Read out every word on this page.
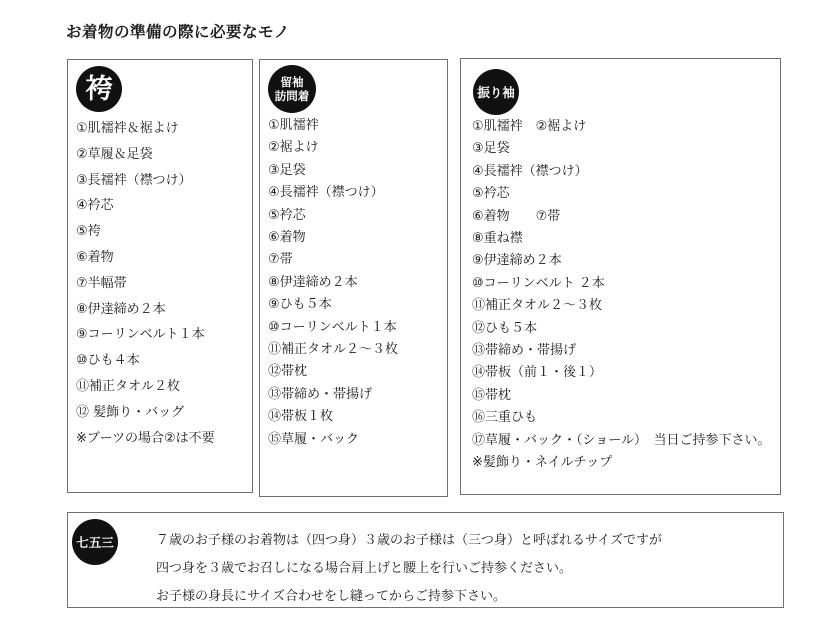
お着物の準備の際に必要なモノ
袴
①肌襦袢＆裾よけ
②草履＆足袋
③長襦袢（襟つけ）
④衿芯
⑤袴
⑥着物
⑦半幅帯
⑧伊達締め２本
⑨コーリンベルト１本
⑩ひも４本
⑪補正タオル２枚
⑫ 髪飾り・バッグ
※ブーツの場合②は不要
留袖
訪問着
①肌襦袢
②裾よけ
③足袋
④長襦袢（襟つけ）
⑤衿芯
⑥着物
⑦帯
⑧伊達締め２本
⑨ひも５本
⑩コーリンベルト１本
⑪補正タオル２～３枚
⑫帯枕
⑬帯締め・帯揚げ
⑭帯板１枚
⑮草履・バック
振り袖
①肌襦袢　②裾よけ
③足袋
④長襦袢（襟つけ）
⑤衿芯
⑥着物　　⑦帯
⑧重ね襟
⑨伊達締め２本
⑩コーリンベルト ２本
⑪補正タオル２～３枚
⑫ひも５本
⑬帯締め・帯揚げ
⑭帯板（前１・後１）
⑮帯枕
⑯三重ひも
⑰草履・バック・（ショール）　当日ご持参下さい。
※髪飾り・ネイルチップ
七五三	７歳のお子様のお着物は（四つ身）３歳のお子様は（三つ身）と呼ばれるサイズですが
四つ身を３歳でお召しになる場合肩上げと腰上を行いご持参ください。
お子様の身長にサイズ合わせをし縫ってからご持参下さい。
